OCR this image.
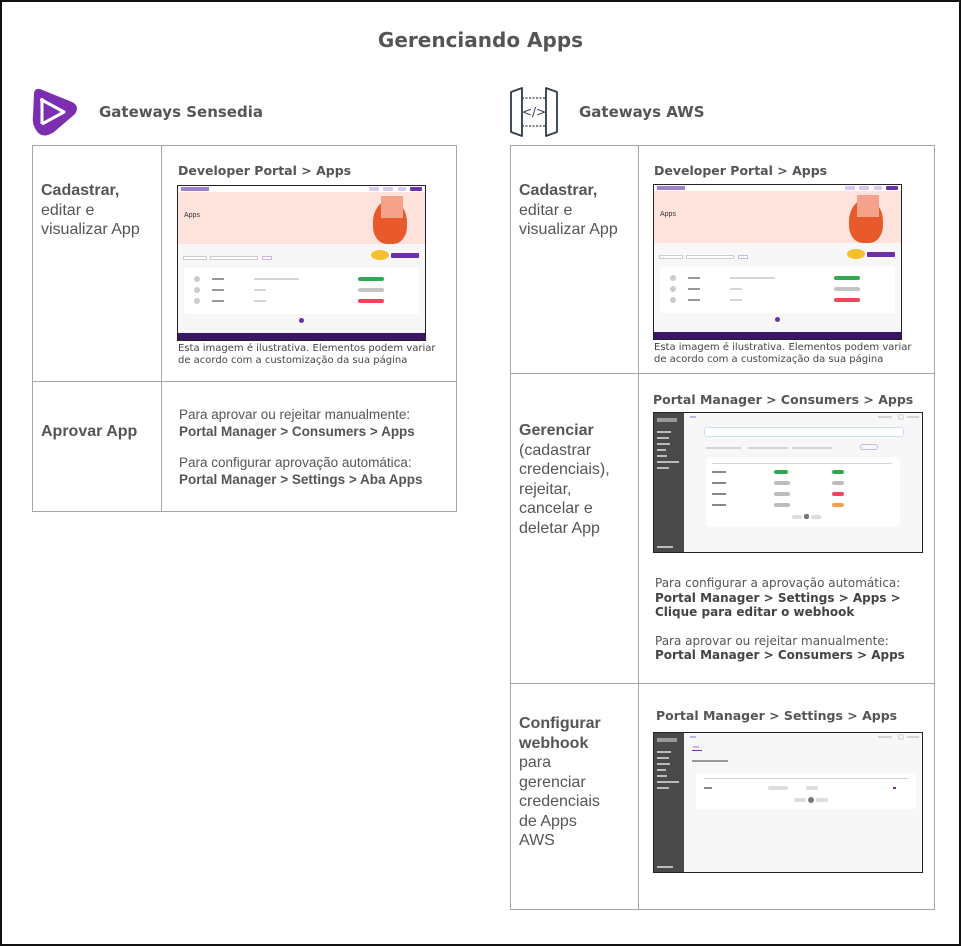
Gerenciando Apps
Gateways Sensedia
Cadastrar,
editar e
visualizar App
Developer Portal > Apps
Apps
Esta imagem é ilustrativa. Elementos podem variar
de acordo com a customização da sua página
Aprovar App
Para aprovar ou rejeitar manualmente:
Portal Manager > Consumers > Apps
Para configurar aprovação automática:
Portal Manager > Settings > Aba Apps
</> Gateways AWS
Cadastrar,
editar e
visualizar App
Developer Portal > Apps
Apps
Esta imagem é ilustrativa. Elementos podem variar
de acordo com a customização da sua página
Gerenciar
(cadastrar
credenciais),
rejeitar,
cancelar e
deletar App
Portal Manager > Consumers > Apps
Para configurar a aprovação automática:
Portal Manager > Settings > Apps >
Clique para editar o webhook
Para aprovar ou rejeitar manualmente:
Portal Manager > Consumers > Apps
Configurar
webhook
para
gerenciar
credenciais
de Apps
AWS
Portal Manager > Settings > Apps
